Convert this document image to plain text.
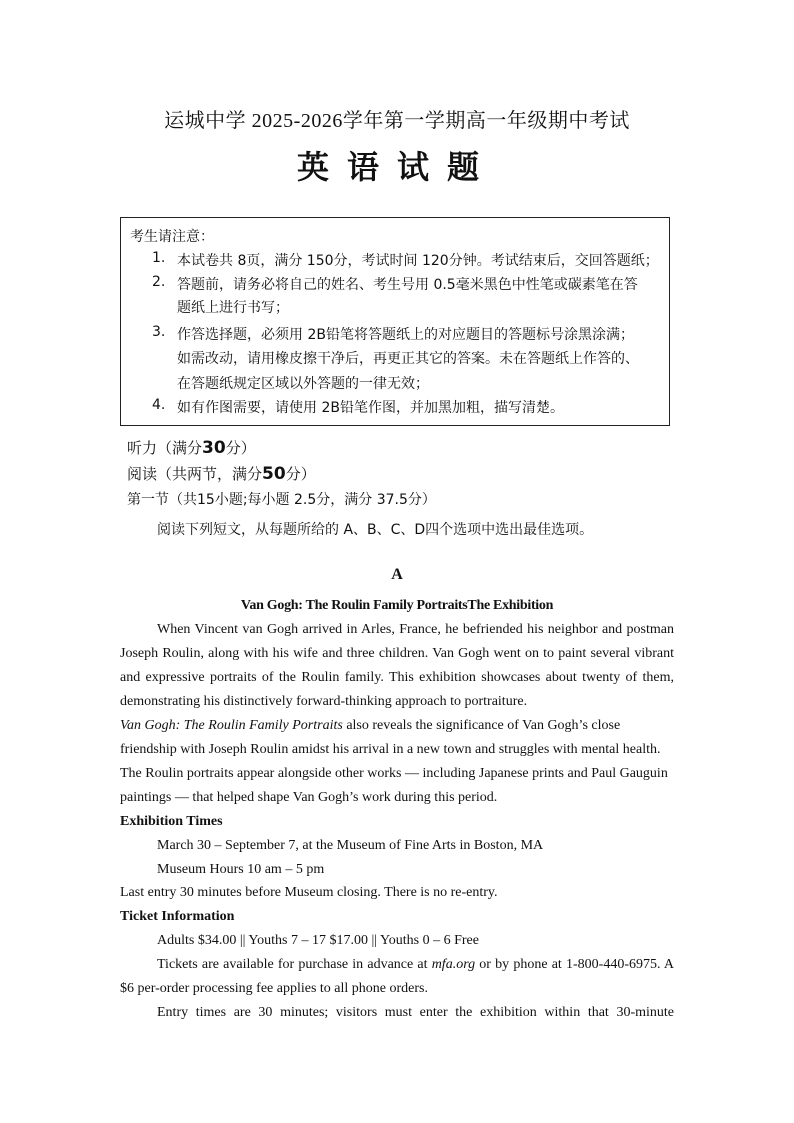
运城中学 2025-2026学年第一学期高一年级期中考试
英语试题
考生请注意：
1. 本试卷共 8页，满分 150分，考试时间 120分钟。考试结束后，交回答题纸；
2. 答题前，请务必将自己的姓名、考生号用 0.5毫米黑色中性笔或碳素笔在答
题纸上进行书写；
3. 作答选择题，必须用 2B铅笔将答题纸上的对应题目的答题标号涂黑涂满；
如需改动，请用橡皮擦干净后，再更正其它的答案。未在答题纸上作答的、
在答题纸规定区域以外答题的一律无效；
4. 如有作图需要，请使用 2B铅笔作图，并加黑加粗，描写清楚。
听力（满分30分）
阅读（共两节，满分50分）
第一节（共15小题;每小题 2.5分，满分 37.5分）
阅读下列短文，从每题所给的 A、B、C、D四个选项中选出最佳选项。
A
Van Gogh: The Roulin Family PortraitsThe Exhibition
When Vincent van Gogh arrived in Arles, France, he befriended his neighbor and postman
Joseph Roulin, along with his wife and three children. Van Gogh went on to paint several vibrant
and expressive portraits of the Roulin family. This exhibition showcases about twenty of them,
demonstrating his distinctively forward-thinking approach to portraiture.
Van Gogh: The Roulin Family Portraits also reveals the significance of Van Gogh’s close
friendship with Joseph Roulin amidst his arrival in a new town and struggles with mental health.
The Roulin portraits appear alongside other works — including Japanese prints and Paul Gauguin
paintings — that helped shape Van Gogh’s work during this period.
Exhibition Times
March 30 – September 7, at the Museum of Fine Arts in Boston, MA
Museum Hours 10 am – 5 pm
Last entry 30 minutes before Museum closing. There is no re-entry.
Ticket Information
Adults $34.00 || Youths 7 – 17 $17.00 || Youths 0 – 6 Free
Tickets are available for purchase in advance at mfa.org or by phone at 1-800-440-6975. A
$6 per-order processing fee applies to all phone orders.
Entry times are 30 minutes; visitors must enter the exhibition within that 30-minute
